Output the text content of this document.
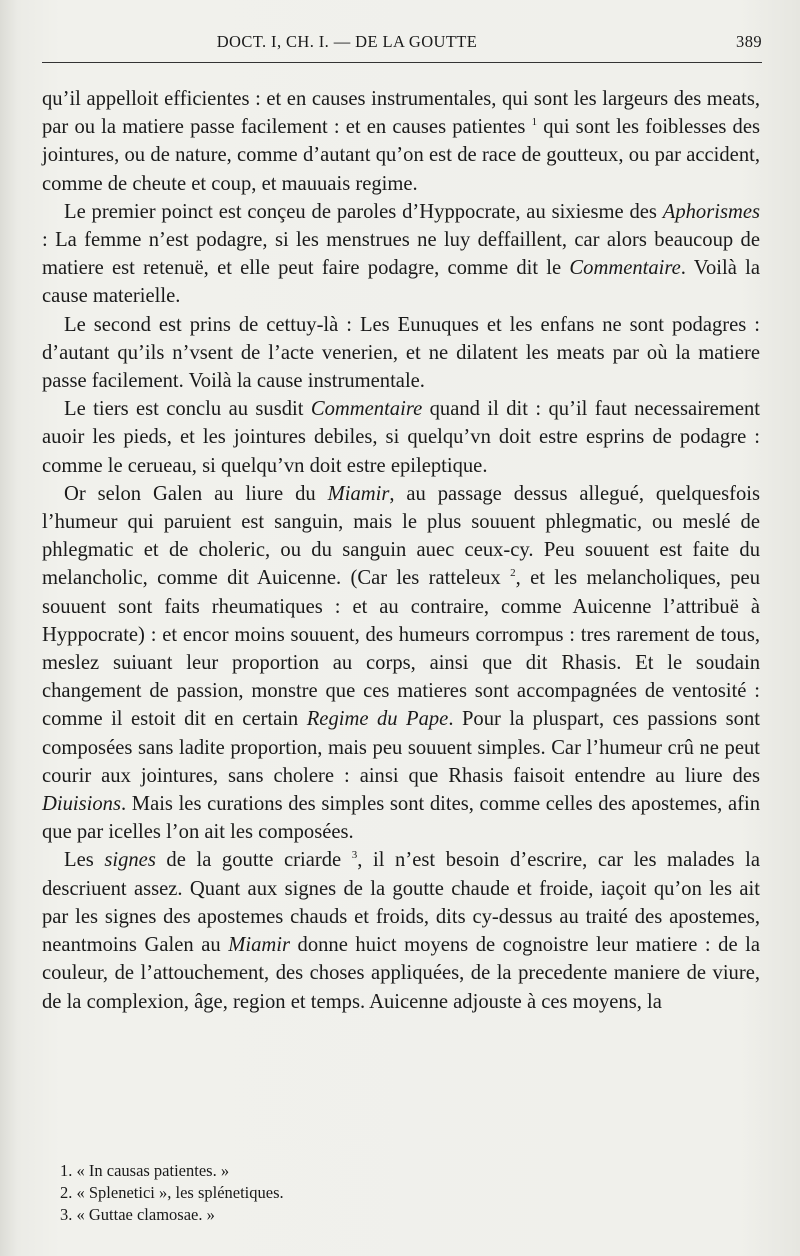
DOCT. I, CH. I. — DE LA GOUTTE	389

qu’il appelloit efficientes : et en causes instrumentales, qui sont les largeurs des meats, par ou la matiere passe facilement : et en causes patientes $^1$ qui sont les foiblesses des jointures, ou de nature, comme d’autant qu’on est de race de goutteux, ou par accident, comme de cheute et coup, et mauuais regime.

Le premier poinct est conçeu de paroles d’Hyppocrate, au sixiesme des Aphorismes : La femme n’est podagre, si les menstrues ne luy deffaillent, car alors beaucoup de matiere est retenuë, et elle peut faire podagre, comme dit le Commentaire. Voilà la cause materielle.

Le second est prins de cettuy-là : Les Eunuques et les enfans ne sont podagres : d’autant qu’ils n’vsent de l’acte venerien, et ne dilatent les meats par où la matiere passe facilement. Voilà la cause instrumentale.

Le tiers est conclu au susdit Commentaire quand il dit : qu’il faut necessairement auoir les pieds, et les jointures debiles, si quelqu’vn doit estre esprins de podagre : comme le cerueau, si quelqu’vn doit estre epileptique.

Or selon Galen au liure du Miamir, au passage dessus allegué, quelquesfois l’humeur qui paruient est sanguin, mais le plus souuent phlegmatic, ou meslé de phlegmatic et de choleric, ou du sanguin auec ceux-cy. Peu souuent est faite du melancholic, comme dit Auicenne. (Car les ratteleux $^2$, et les melancholiques, peu souuent sont faits rheumatiques : et au contraire, comme Auicenne l’attribuë à Hyppocrate) : et encor moins souuent, des humeurs corrompus : tres rarement de tous, meslez suiuant leur proportion au corps, ainsi que dit Rhasis. Et le soudain changement de passion, monstre que ces matieres sont accompagnées de ventosité : comme il estoit dit en certain Regime du Pape. Pour la pluspart, ces passions sont composées sans ladite proportion, mais peu souuent simples. Car l’humeur crû ne peut courir aux jointures, sans cholere : ainsi que Rhasis faisoit entendre au liure des Diuisions. Mais les curations des simples sont dites, comme celles des apostemes, afin que par icelles l’on ait les composées.

Les signes de la goutte criarde $^3$, il n’est besoin d’escrire, car les malades la descriuent assez. Quant aux signes de la goutte chaude et froide, iaçoit qu’on les ait par les signes des apostemes chauds et froids, dits cy-dessus au traité des apostemes, neantmoins Galen au Miamir donne huict moyens de cognoistre leur matiere : de la couleur, de l’attouchement, des choses appliquées, de la precedente maniere de viure, de la complexion, âge, region et temps. Auicenne adjouste à ces moyens, la

1. « In causas patientes. »
2. « Splenetici », les splénetiques.
3. « Guttae clamosae. »
